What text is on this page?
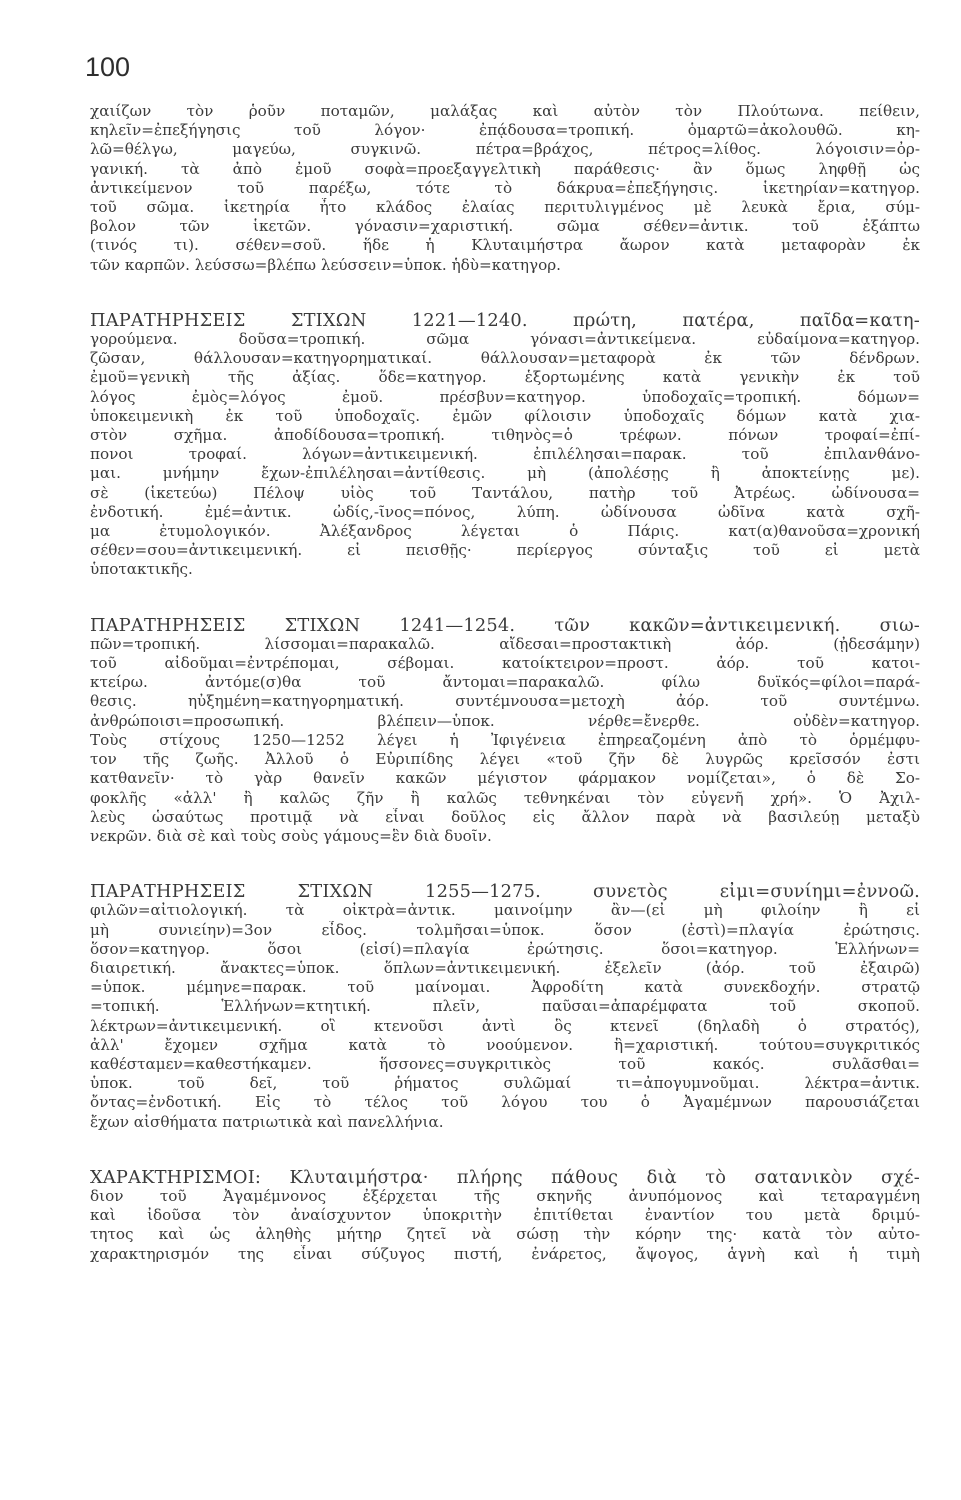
100
χαιίζων τὸν ῥοῦν ποταμῶν, μαλάξας καὶ αὐτὸν τὸν Πλούτωνα. πείθειν,
κηλεῖν=ἐπεξήγησις τοῦ λόγον· ἐπᾴδουσα=τροπική. ὁμαρτῶ=ἀκολουθῶ. κη-
λῶ=θέλγω, μαγεύω, συγκινῶ. πέτρα=βράχος, πέτρος=λίθος. λόγοισιν=ὀρ-
γανική. τὰ ἀπὸ ἐμοῦ σοφὰ=προεξαγγελτικὴ παράθεσις· ἂν ὅμως ληφθῇ ὡς
ἀντικείμενον τοῦ παρέξω, τότε τὸ δάκρυα=ἐπεξήγησις. ἱκετηρίαν=κατηγορ.
τοῦ σῶμα. ἱκετηρία ἦτο κλάδος ἐλαίας περιτυλιγμένος μὲ λευκὰ ἔρια, σύμ-
βολον τῶν ἱκετῶν. γόνασιν=χαριστική. σῶμα σέθεν=ἀντικ. τοῦ ἐξάπτω
(τινός τι). σέθεν=σοῦ. ἥδε ἡ Κλυταιμήστρα ἄωρον κατὰ μεταφορὰν ἐκ
τῶν καρπῶν. λεύσσω=βλέπω λεύσσειν=ὑποκ. ἡδὺ=κατηγορ.
ΠΑΡΑΤΗΡΗΣΕΙΣ ΣΤΙΧΩΝ 1221—1240. πρώτη, πατέρα, παῖδα=κατη-
γορούμενα. δοῦσα=τροπική. σῶμα γόνασι=ἀντικείμενα. εὐδαίμονα=κατηγορ.
ζῶσαν, θάλλουσαν=κατηγορηματικαί. θάλλουσαν=μεταφορὰ ἐκ τῶν δένδρων.
ἐμοῦ=γενικὴ τῆς ἀξίας. ὅδε=κατηγορ. ἑξορτωμένης κατὰ γενικὴν ἐκ τοῦ
λόγος ἐμὸς=λόγος ἐμοῦ. πρέσβυν=κατηγορ. ὑποδοχαῖς=τροπική. δόμων=
ὑποκειμενικὴ ἐκ τοῦ ὑποδοχαῖς. ἐμῶν φίλοισιν ὑποδοχαῖς δόμων κατὰ χια-
στὸν σχῆμα. ἀποδίδουσα=τροπική. τιθηνὸς=ὁ τρέφων. πόνων τροφαί=ἐπί-
πονοι τροφαί. λόγων=ἀντικειμενική. ἐπιλέλησαι=παρακ. τοῦ ἐπιλανθάνο-
μαι. μνήμην ἔχων-ἐπιλέλησαι=ἀντίθεσις. μὴ (ἀπολέσῃς ἢ ἀποκτείνῃς με).
σὲ (ἱκετεύω) Πέλοψ υἱὸς τοῦ Ταντάλου, πατὴρ τοῦ Ἀτρέως. ὠδίνουσα=
ἐνδοτική. ἐμέ=ἀντικ. ὠδίς,-ῖνος=πόνος, λύπη. ὠδίνουσα ὠδῖνα κατὰ σχῆ-
μα ἐτυμολογικόν. Ἀλέξανδρος λέγεται ὁ Πάρις. κατ(α)θανοῦσα=χρονική
σέθεν=σου=ἀντικειμενική. εἰ πεισθῇς· περίεργος σύνταξις τοῦ εἰ μετὰ
ὑποτακτικῆς.
ΠΑΡΑΤΗΡΗΣΕΙΣ ΣΤΙΧΩΝ 1241—1254. τῶν κακῶν=ἀντικειμενική. σιω-
πῶν=τροπική. λίσσομαι=παρακαλῶ. αἴδεσαι=προστακτικὴ ἀόρ. (ᾐδεσάμην)
τοῦ αἰδοῦμαι=ἐντρέπομαι, σέβομαι. κατοίκτειρον=προστ. ἀόρ. τοῦ κατοι-
κτείρω. ἀντόμε(σ)θα τοῦ ἄντομαι=παρακαλῶ. φίλω δυϊκός=φίλοι=παρά-
θεσις. ηὐξημένη=κατηγορηματική. συντέμνουσα=μετοχὴ ἀόρ. τοῦ συντέμνω.
ἀνθρώποισι=προσωπική. βλέπειν—ὑποκ. νέρθε=ἔνερθε. οὐδὲν=κατηγορ.
Τοὺς στίχους 1250—1252 λέγει ἡ Ἰφιγένεια ἐπηρεαζομένη ἀπὸ τὸ ὁρμέμφυ-
τον τῆς ζωῆς. Ἀλλοῦ ὁ Εὐριπίδης λέγει «τοῦ ζῆν δὲ λυγρῶς κρεῖσσόν ἐστι
κατθανεῖν· τὸ γὰρ θανεῖν κακῶν μέγιστον φάρμακον νομίζεται», ὁ δὲ Σο-
φοκλῆς «ἀλλ' ἢ καλῶς ζῆν ἢ καλῶς τεθνηκέναι τὸν εὐγενῆ χρή». Ὁ Ἀχιλ-
λεὺς ὡσαύτως προτιμᾷ νὰ εἶναι δοῦλος εἰς ἄλλον παρὰ νὰ βασιλεύῃ μεταξὺ
νεκρῶν. διὰ σὲ καὶ τοὺς σοὺς γάμους=ἓν διὰ δυοῖν.
ΠΑΡΑΤΗΡΗΣΕΙΣ ΣΤΙΧΩΝ 1255—1275. συνετὸς εἰμι=συνίημι=ἐννοῶ.
φιλῶν=αἰτιολογική. τὰ οἰκτρὰ=ἀντικ. μαινοίμην ἂν—(εἰ μὴ φιλοίην ἢ εἰ
μὴ συνιείην)=3ον εἶδος. τολμῆσαι=ὑποκ. ὅσον (ἐστὶ)=πλαγία ἐρώτησις.
ὅσον=κατηγορ. ὅσοι (εἰσί)=πλαγία ἐρώτησις. ὅσοι=κατηγορ. Ἑλλήνων=
διαιρετική. ἄνακτες=ὑποκ. ὅπλων=ἀντικειμενική. ἐξελεῖν (ἀόρ. τοῦ ἐξαιρῶ)
=ὑποκ. μέμηνε=παρακ. τοῦ μαίνομαι. Ἀφροδίτη κατὰ συνεκδοχήν. στρατῷ
=τοπική. Ἑλλήνων=κτητική. πλεῖν, παῦσαι=ἀπαρέμφατα τοῦ σκοποῦ.
λέκτρων=ἀντικειμενική. οἳ κτενοῦσι ἀντὶ ὃς κτενεῖ (δηλαδὴ ὁ στρατός),
ἀλλ' ἔχομεν σχῆμα κατὰ τὸ νοούμενον. ἣ=χαριστική. τούτου=συγκριτικός
καθέσταμεν=καθεστήκαμεν. ἥσσονες=συγκριτικὸς τοῦ κακός. συλᾶσθαι=
ὑποκ. τοῦ δεῖ, τοῦ ῥήματος συλῶμαί τι=ἀπογυμνοῦμαι. λέκτρα=ἀντικ.
ὄντας=ἐνδοτική. Εἰς τὸ τέλος τοῦ λόγου του ὁ Ἀγαμέμνων παρουσιάζεται
ἔχων αἰσθήματα πατριωτικὰ καὶ πανελλήνια.
ΧΑΡΑΚΤΗΡΙΣΜΟΙ: Κλυταιμήστρα· πλήρης πάθους διὰ τὸ σατανικὸν σχέ-
διον τοῦ Ἀγαμέμνονος ἐξέρχεται τῆς σκηνῆς ἀνυπόμονος καὶ τεταραγμένη
καὶ ἰδοῦσα τὸν ἀναίσχυντον ὑποκριτὴν ἐπιτίθεται ἐναντίον του μετὰ δριμύ-
τητος καὶ ὡς ἀληθὴς μήτηρ ζητεῖ νὰ σώσῃ τὴν κόρην της· κατὰ τὸν αὐτο-
χαρακτηρισμόν της εἶναι σύζυγος πιστή, ἐνάρετος, ἄψογος, ἁγνὴ καὶ ἡ τιμὴ
